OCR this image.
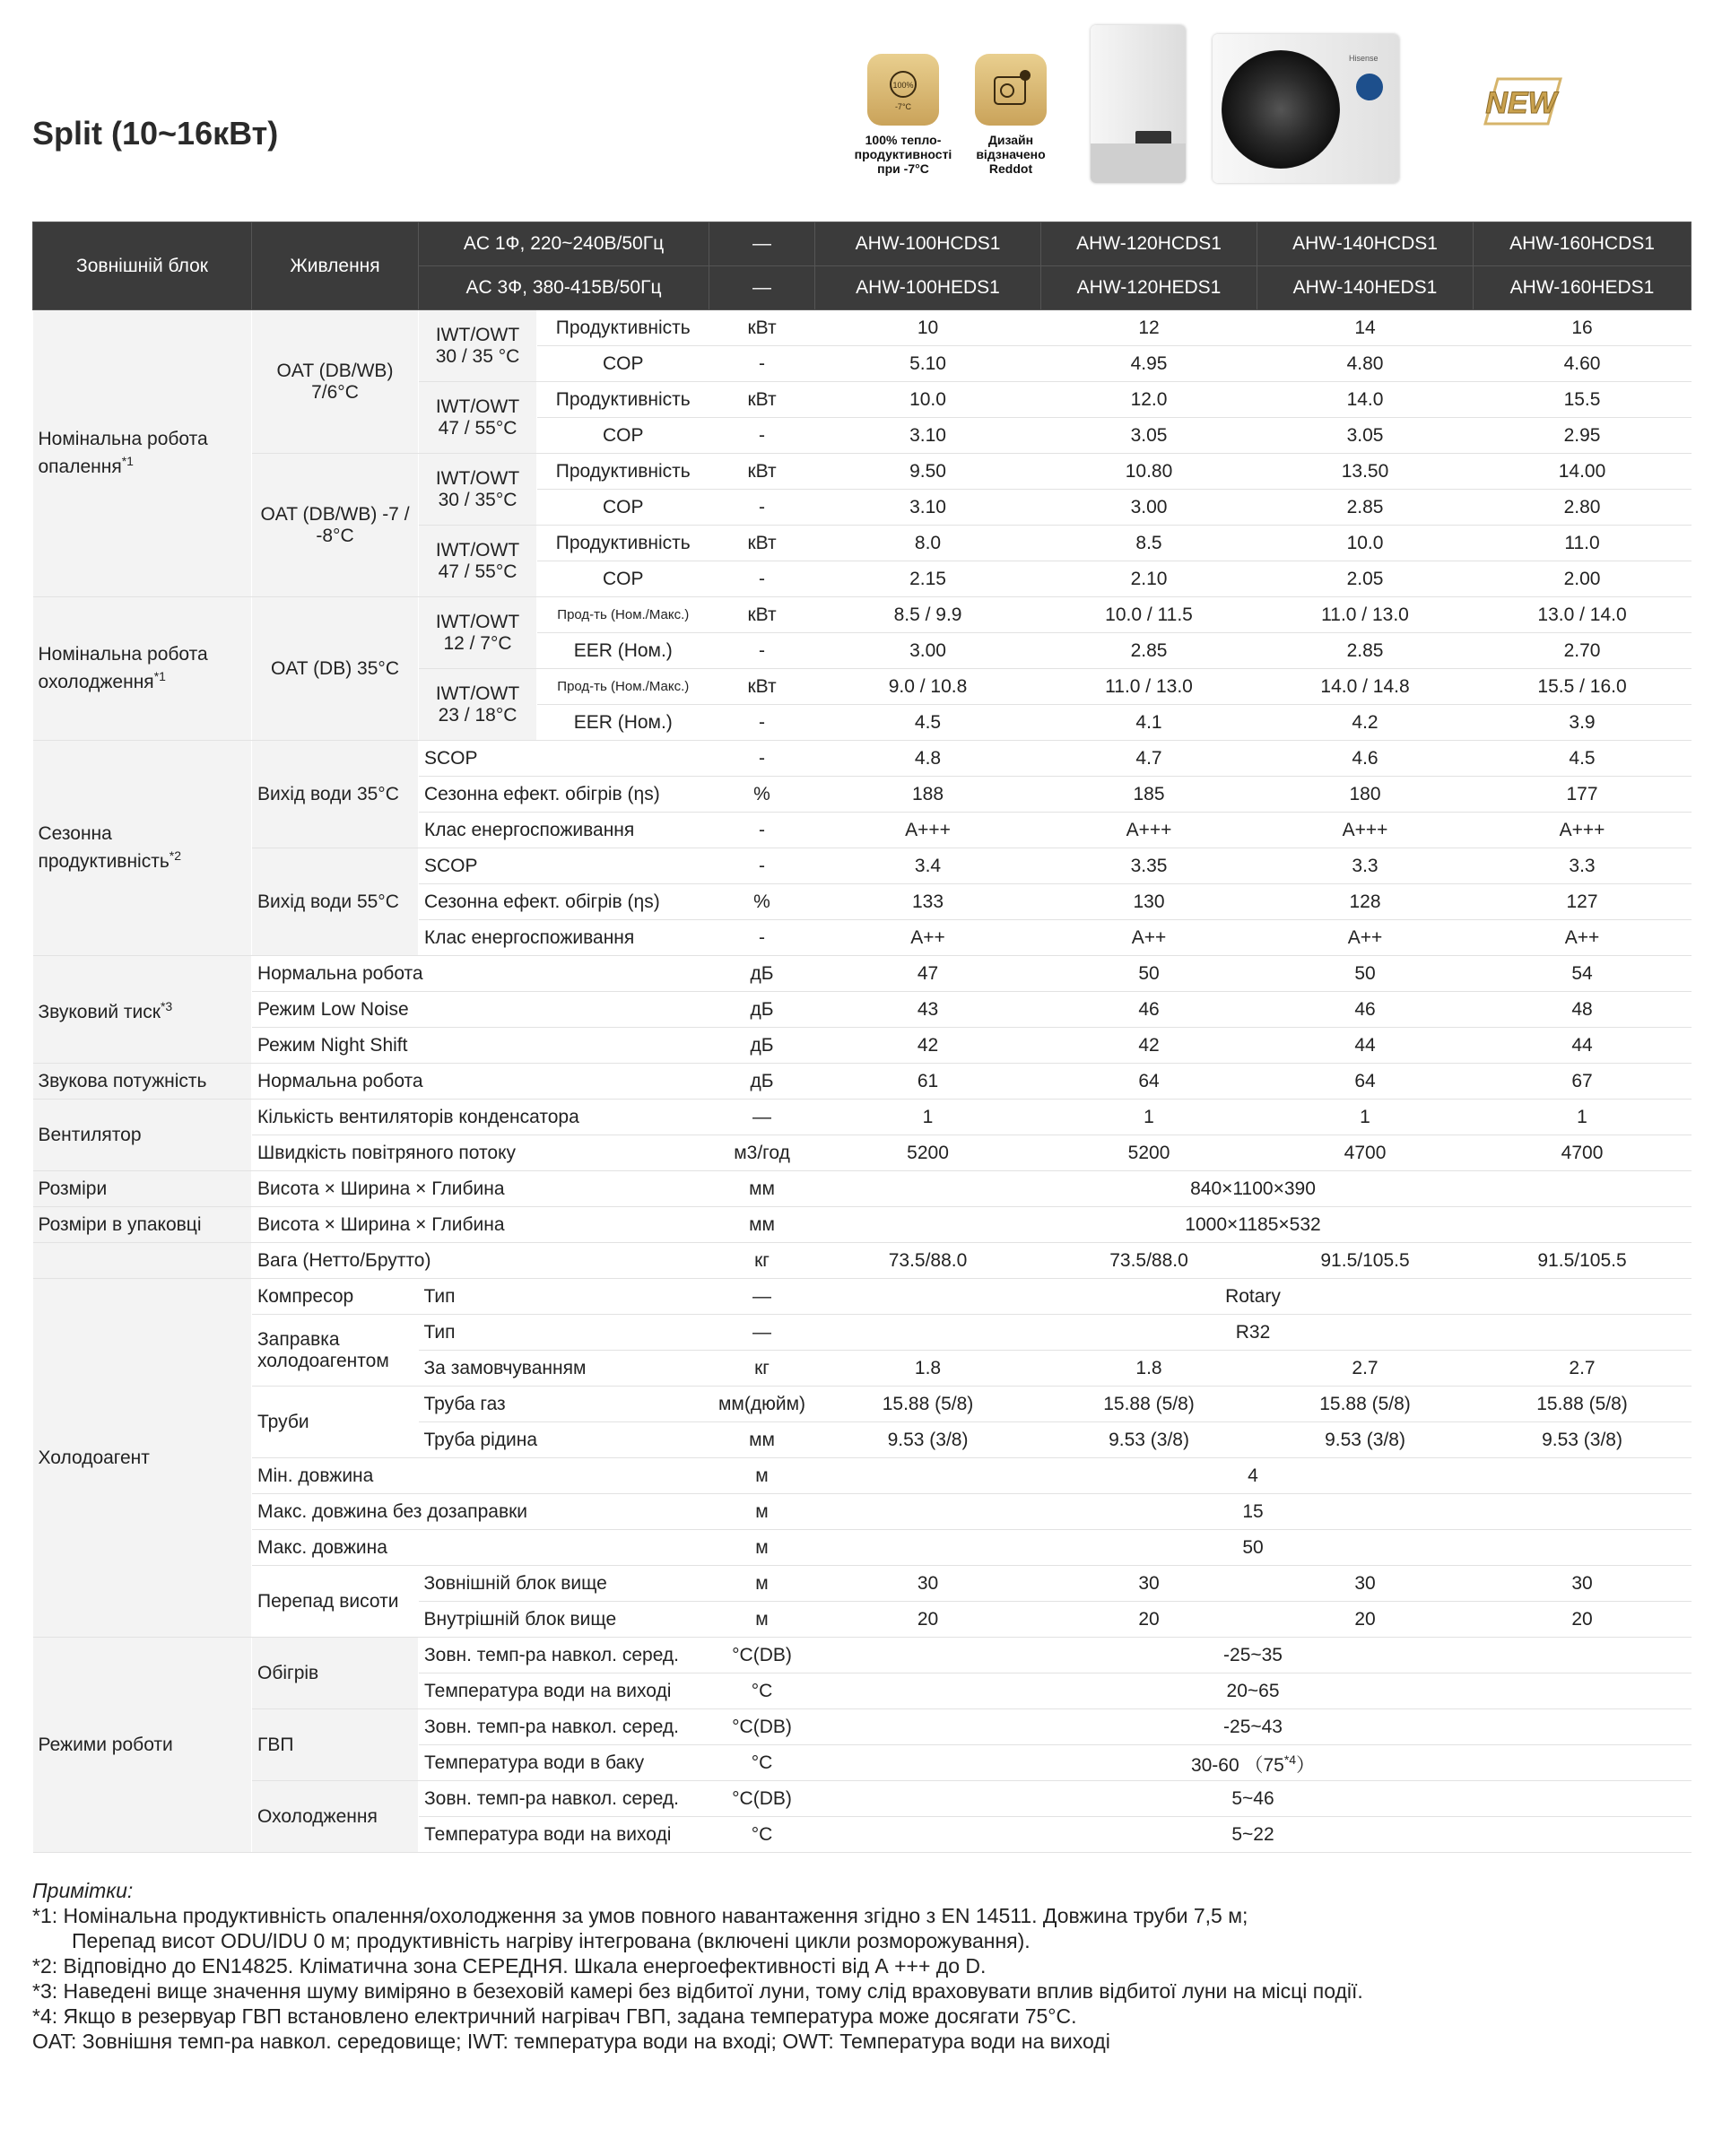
Split (10~16кВт)
100%
-7°C
100% тепло-
продуктивності
при -7°С
Дизайн
відзначено
Reddot
Hisense
NEW
Зовнішній блок	Живлення	AC 1Ф, 220~240B/50Гц		—	AHW-100HCDS1	AHW-120HCDS1	AHW-140HCDS1	AHW-160HCDS1
		AC 3Ф, 380-415B/50Гц		—	AHW-100HEDS1	AHW-120HEDS1	AHW-140HEDS1	AHW-160HEDS1
Номінальна робота опалення$^{*1}$	OAT (DB/WB) 7/6°C	IWT/OWT 30 / 35 °C	Продуктивність	кВт	10	12	14	16
			COP	-	5.10	4.95	4.80	4.60
		IWT/OWT 47 / 55°C	Продуктивність	кВт	10.0	12.0	14.0	15.5
			COP	-	3.10	3.05	3.05	2.95
	OAT (DB/WB) -7 / -8°C	IWT/OWT 30 / 35°C	Продуктивність	кВт	9.50	10.80	13.50	14.00
			COP	-	3.10	3.00	2.85	2.80
		IWT/OWT 47 / 55°C	Продуктивність	кВт	8.0	8.5	10.0	11.0
			COP	-	2.15	2.10	2.05	2.00
Номінальна робота охолодження$^{*1}$	OAT (DB) 35°C	IWT/OWT 12 / 7°C	Прод-ть (Ном./Макс.)	кВт	8.5 / 9.9	10.0 / 11.5	11.0 / 13.0	13.0 / 14.0
			EER (Ном.)	-	3.00	2.85	2.85	2.70
		IWT/OWT 23 / 18°C	Прод-ть (Ном./Макс.)	кВт	9.0 / 10.8	11.0 / 13.0	14.0 / 14.8	15.5 / 16.0
			EER (Ном.)	-	4.5	4.1	4.2	3.9
Сезонна продуктивність$^{*2}$	Вихід води 35°C	SCOP		-	4.8	4.7	4.6	4.5
		Сезонна ефект. обігрів (ηs)		%	188	185	180	177
		Клас енергоспоживання		-	A+++	A+++	A+++	A+++
	Вихід води 55°C	SCOP		-	3.4	3.35	3.3	3.3
		Сезонна ефект. обігрів (ηs)		%	133	130	128	127
		Клас енергоспоживання		-	A++	A++	A++	A++
Звуковий тиск$^{*3}$	Нормальна робота			дБ	47	50	50	54
	Режим Low Noise			дБ	43	46	46	48
	Режим Night Shift			дБ	42	42	44	44
Звукова потужність	Нормальна робота			дБ	61	64	64	67
Вентилятор	Кількість вентиляторів конденсатора			—	1	1	1	1
	Швидкість повітряного потоку			м3/год	5200	5200	4700	4700
Розміри	Висота × Ширина × Глибина			мм	840×1100×390			
Розміри в упаковці	Висота × Ширина × Глибина			мм	1000×1185×532			
	Вага (Нетто/Брутто)			кг	73.5/88.0	73.5/88.0	91.5/105.5	91.5/105.5
Холодоагент	Компресор	Тип		—	Rotary			
	Заправка холодоагентом	Тип		—	R32			
		За замовчуванням		кг	1.8	1.8	2.7	2.7
	Труби	Труба газ		мм(дюйм)	15.88 (5/8)	15.88 (5/8)	15.88 (5/8)	15.88 (5/8)
		Труба рідина		мм	9.53 (3/8)	9.53 (3/8)	9.53 (3/8)	9.53 (3/8)
	Мін. довжина			м	4			
	Макс. довжина без дозаправки			м	15			
	Макс. довжина			м	50			
	Перепад висоти	Зовнішній блок вище		м	30	30	30	30
		Внутрішній блок вище		м	20	20	20	20
Режими роботи	Обігрів	Зовн. темп-ра навкол. серед.		°C(DB)	-25~35			
		Температура води на виході		°C	20~65			
	ГВП	Зовн. темп-ра навкол. серед.		°C(DB)	-25~43			
		Температура води в баку		°C	30-60 （75$^{*4}$）			
	Охолодження	Зовн. темп-ра навкол. серед.		°C(DB)	5~46			
		Температура води на виході		°C	5~22			
Примітки:
*1: Номінальна продуктивність опалення/охолодження за умов повного навантаження згідно з EN 14511. Довжина труби 7,5 м;
Перепад висот ODU/IDU 0 м; продуктивність нагріву інтегрована (включені цикли розморожування).
*2: Відповідно до EN14825. Кліматична зона СЕРЕДНЯ. Шкала енергоефективності від А +++ до D.
*3: Наведені вище значення шуму виміряно в безеховій камері без відбитої луни, тому слід враховувати вплив відбитої луни на місці події.
*4: Якщо в резервуар ГВП встановлено електричний нагрівач ГВП, задана температура може досягати 75°C.
OAT: Зовнішня темп-ра навкол. середовище; IWT: температура води на вході; OWT: Температура води на виході
